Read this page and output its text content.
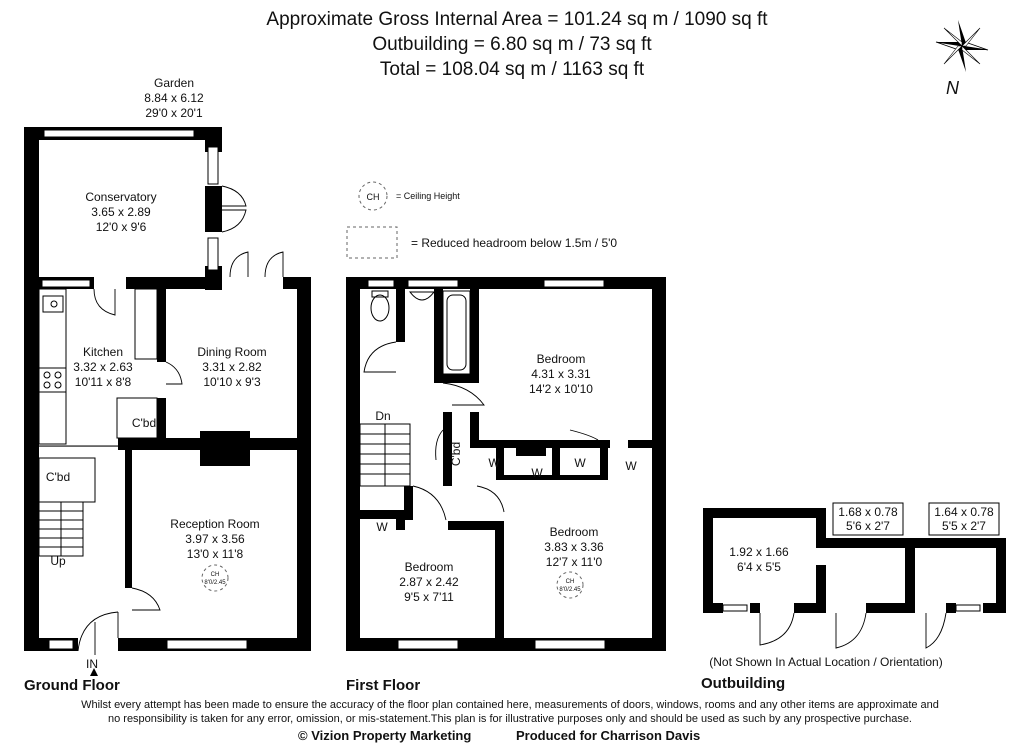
Approximate Gross Internal Area = 101.24 sq m / 1090 sq ft
Outbuilding = 6.80 sq m / 73 sq ft
Total = 108.04 sq m / 1163 sq ft
N
CH = Ceiling Height
= Reduced headroom below 1.5m / 5'0
Garden
8.84 x 6.12
29'0 x 20'1
Conservatory
3.65 x 2.89
12'0 x 9'6
Kitchen
3.32 x 2.63
10'11 x 8'8
Dining Room
3.31 x 2.82
10'10 x 9'3
Reception Room
3.97 x 3.56
13'0 x 11'8
CH
8'0/2.45
C'bd
C'bd
Up
IN
Ground Floor
Bedroom
4.31 x 3.31
14'2 x 10'10
Bedroom
3.83 x 3.36
12'7 x 11'0
CH
8'0/2.45
Bedroom
2.87 x 2.42
9'5 x 7'11
Dn
C'bd W
W
W	W
W
First Floor
1.92 x 1.66
6'4 x 5'5
1.68 x 0.78
5'6 x 2'7
1.64 x 0.78
5'5 x 2'7
(Not Shown In Actual Location / Orientation)
Outbuilding
Whilst every attempt has been made to ensure the accuracy of the floor plan contained here, measurements of doors, windows, rooms and any other items are approximate and
no responsibility is taken for any error, omission, or mis-statement.This plan is for illustrative purposes only and should be used as such by any prospective purchase.
© Vizion Property Marketing	Produced for Charrison Davis
